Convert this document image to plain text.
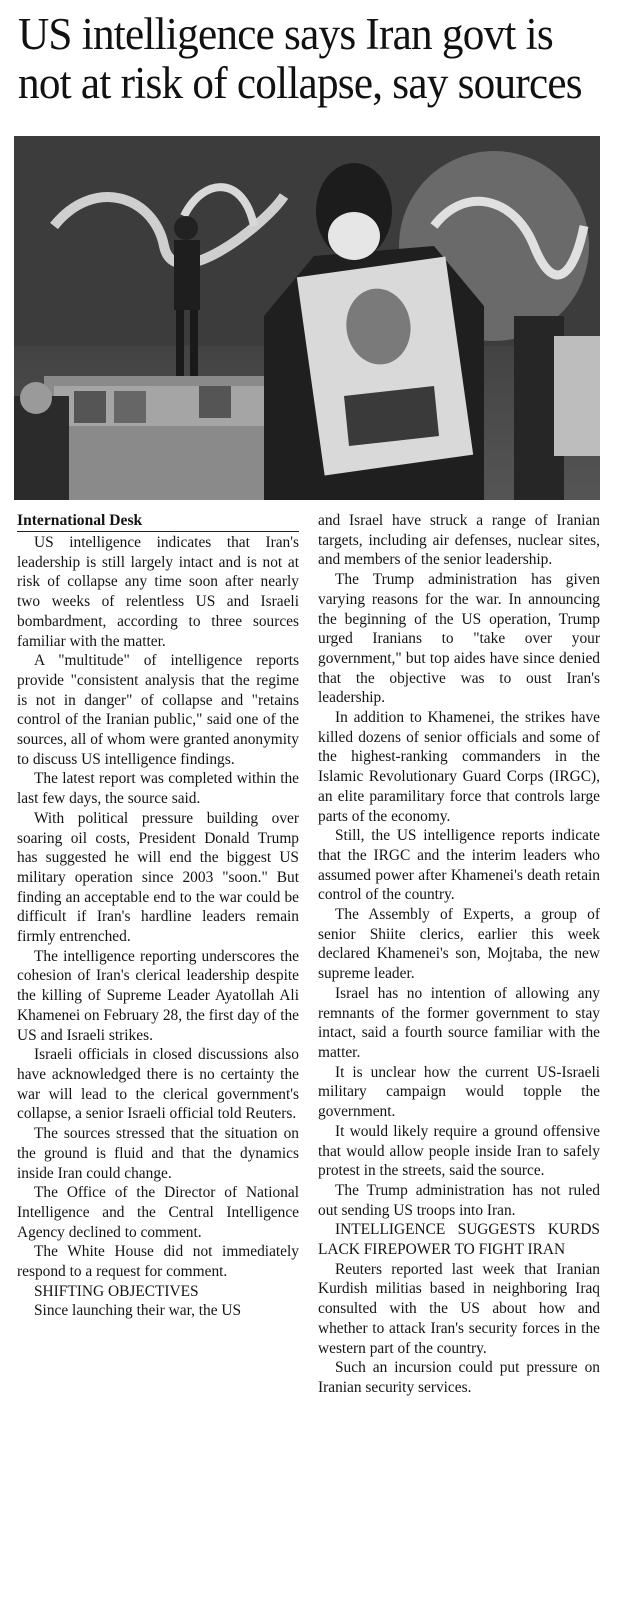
US intelligence says Iran govt is not at risk of collapse, say sources
International Desk

US intelligence indicates that Iran's leadership is still largely intact and is not at risk of collapse any time soon after nearly two weeks of relentless US and Israeli bombardment, according to three sources familiar with the matter.

A "multitude" of intelligence reports provide "consistent analysis that the regime is not in danger" of collapse and "retains control of the Iranian public," said one of the sources, all of whom were granted anonymity to discuss US intelligence findings.

The latest report was completed within the last few days, the source said.

With political pressure building over soaring oil costs, President Donald Trump has suggested he will end the biggest US military operation since 2003 "soon." But finding an acceptable end to the war could be difficult if Iran's hardline leaders remain firmly entrenched.

The intelligence reporting underscores the cohesion of Iran's clerical leadership despite the killing of Supreme Leader Ayatollah Ali Khamenei on February 28, the first day of the US and Israeli strikes.

Israeli officials in closed discussions also have acknowledged there is no certainty the war will lead to the clerical government's collapse, a senior Israeli official told Reuters.

The sources stressed that the situation on the ground is fluid and that the dynamics inside Iran could change.

The Office of the Director of National Intelligence and the Central Intelligence Agency declined to comment.

The White House did not immediately respond to a request for comment.

SHIFTING OBJECTIVES

Since launching their war, the US

and Israel have struck a range of Iranian targets, including air defenses, nuclear sites, and members of the senior leadership.

The Trump administration has given varying reasons for the war. In announcing the beginning of the US operation, Trump urged Iranians to "take over your government," but top aides have since denied that the objective was to oust Iran's leadership.

In addition to Khamenei, the strikes have killed dozens of senior officials and some of the highest-ranking commanders in the Islamic Revolutionary Guard Corps (IRGC), an elite paramilitary force that controls large parts of the economy.

Still, the US intelligence reports indicate that the IRGC and the interim leaders who assumed power after Khamenei's death retain control of the country.

The Assembly of Experts, a group of senior Shiite clerics, earlier this week declared Khamenei's son, Mojtaba, the new supreme leader.

Israel has no intention of allowing any remnants of the former government to stay intact, said a fourth source familiar with the matter.

It is unclear how the current US-Israeli military campaign would topple the government.

It would likely require a ground offensive that would allow people inside Iran to safely protest in the streets, said the source.

The Trump administration has not ruled out sending US troops into Iran.

INTELLIGENCE SUGGESTS KURDS LACK FIREPOWER TO FIGHT IRAN

Reuters reported last week that Iranian Kurdish militias based in neighboring Iraq consulted with the US about how and whether to attack Iran's security forces in the western part of the country.

Such an incursion could put pressure on Iranian security services.
